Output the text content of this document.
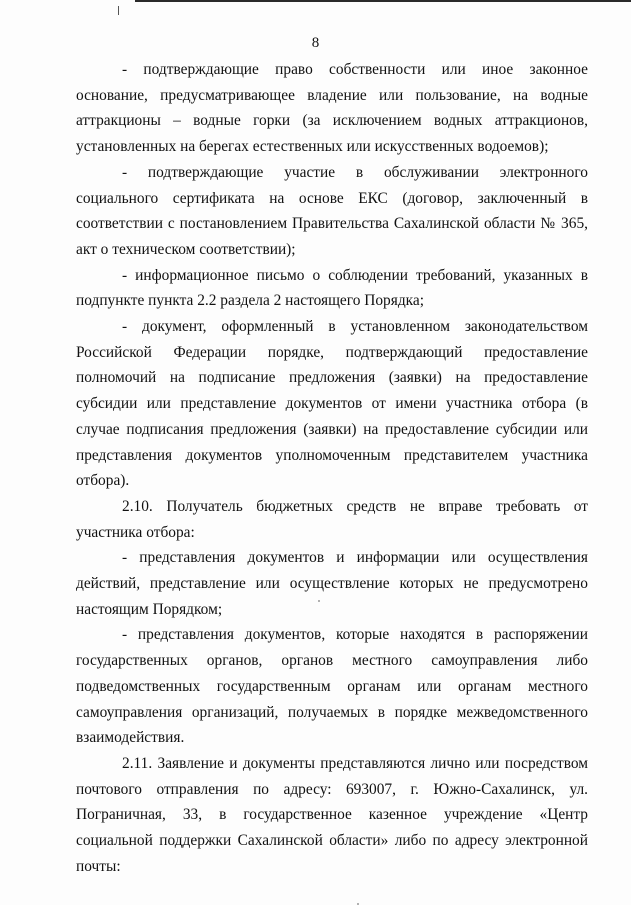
8

- подтверждающие право собственности или иное законное основание, предусматривающее владение или пользование, на водные аттракционы – водные горки (за исключением водных аттракционов, установленных на берегах естественных или искусственных водоемов);

- подтверждающие участие в обслуживании электронного социального сертификата на основе ЕКС (договор, заключенный в соответствии с постановлением Правительства Сахалинской области № 365, акт о техническом соответствии);

- информационное письмо о соблюдении требований, указанных в подпункте пункта 2.2 раздела 2 настоящего Порядка;

- документ, оформленный в установленном законодательством Российской Федерации порядке, подтверждающий предоставление полномочий на подписание предложения (заявки) на предоставление субсидии или представление документов от имени участника отбора (в случае подписания предложения (заявки) на предоставление субсидии или представления документов уполномоченным представителем участника отбора).

2.10. Получатель бюджетных средств не вправе требовать от участника отбора:

- представления документов и информации или осуществления действий, представление или осуществление которых не предусмотрено настоящим Порядком;

- представления документов, которые находятся в распоряжении государственных органов, органов местного самоуправления либо подведомственных государственным органам или органам местного самоуправления организаций, получаемых в порядке межведомственного взаимодействия.

2.11. Заявление и документы представляются лично или посредством почтового отправления по адресу: 693007, г. Южно-Сахалинск, ул. Пограничная, 33, в государственное казенное учреждение «Центр социальной поддержки Сахалинской области» либо по адресу электронной почты:
